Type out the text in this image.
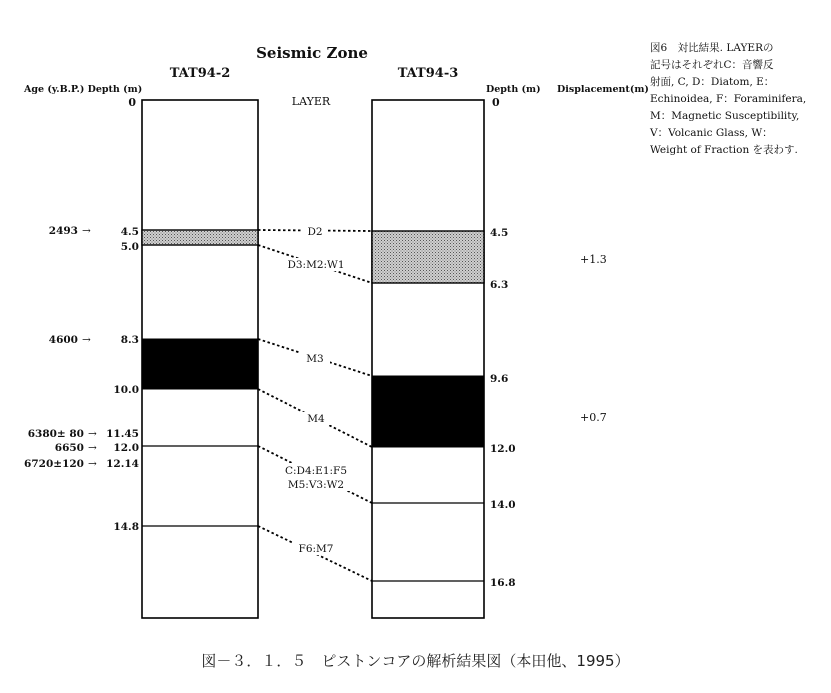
Seismic Zone
TAT94-2	TAT94-3
Age (y.B.P.) Depth (m)
LAYER
Depth (m) Displacement(m)
0	0
4.5
5.0
8.3
10.0
11.45
12.0
12.14
14.8
2493 →
4600 →
6380± 80 →
6650 →
6720±120 →
4.5
6.3
9.6
12.0
14.0
16.8
D2
D3:M2:W1
M3
M4
C:D4:E1:F5
M5:V3:W2
F6:M7
+1.3
+0.7
図6　対比結果. LAYERの
記号はそれぞれC：音響反
射面, C, D：Diatom, E：
Echinoidea, F：Foraminifera,
M：Magnetic Susceptibility,
V：Volcanic Glass, W：
Weight of Fraction を表わす.
図－３．１．５　ピストンコアの解析結果図（本田他、1995）
